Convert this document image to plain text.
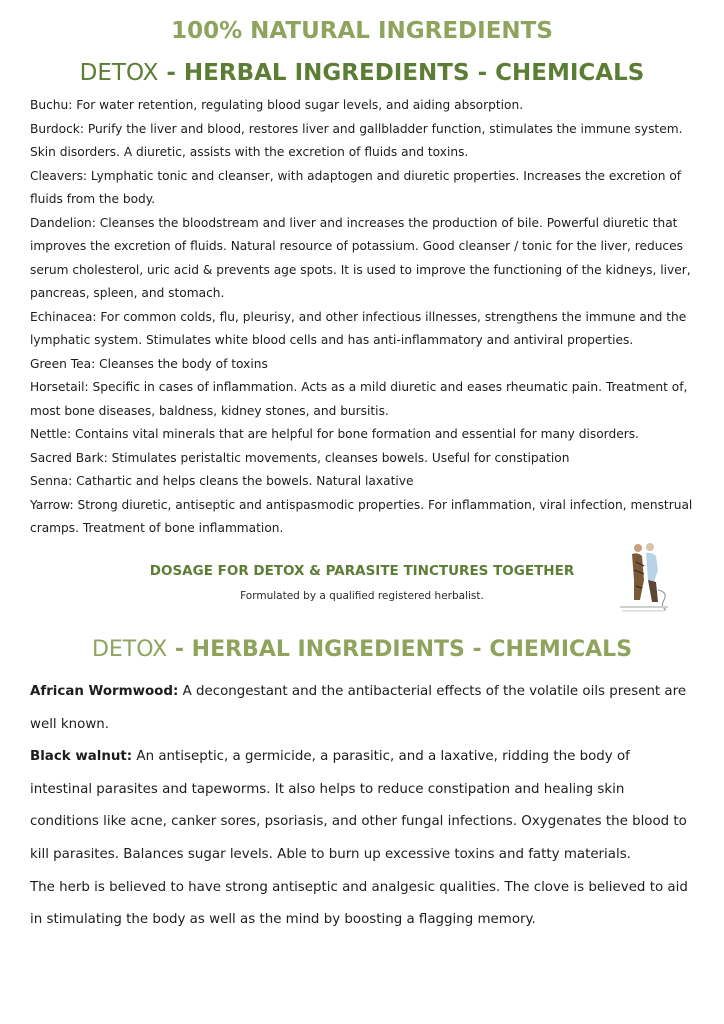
100% NATURAL INGREDIENTS
DETOX - HERBAL INGREDIENTS - CHEMICALS

Buchu: For water retention, regulating blood sugar levels, and aiding absorption.

Burdock: Purify the liver and blood, restores liver and gallbladder function, stimulates the immune system. Skin disorders. A diuretic, assists with the excretion of fluids and toxins.

Cleavers: Lymphatic tonic and cleanser, with adaptogen and diuretic properties. Increases the excretion of fluids from the body.

Dandelion: Cleanses the bloodstream and liver and increases the production of bile. Powerful diuretic that improves the excretion of fluids. Natural resource of potassium. Good cleanser / tonic for the liver, reduces serum cholesterol, uric acid & prevents age spots. It is used to improve the functioning of the kidneys, liver, pancreas, spleen, and stomach.

Echinacea: For common colds, flu, pleurisy, and other infectious illnesses, strengthens the immune and the lymphatic system. Stimulates white blood cells and has anti-inflammatory and antiviral properties.

Green Tea: Cleanses the body of toxins

Horsetail: Specific in cases of inflammation. Acts as a mild diuretic and eases rheumatic pain. Treatment of, most bone diseases, baldness, kidney stones, and bursitis.

Nettle: Contains vital minerals that are helpful for bone formation and essential for many disorders.

Sacred Bark: Stimulates peristaltic movements, cleanses bowels. Useful for constipation

Senna: Cathartic and helps cleans the bowels. Natural laxative

Yarrow: Strong diuretic, antiseptic and antispasmodic properties. For inflammation, viral infection, menstrual cramps. Treatment of bone inflammation.

DOSAGE FOR DETOX & PARASITE TINCTURES TOGETHER
Formulated by a qualified registered herbalist.
DETOX - HERBAL INGREDIENTS - CHEMICALS

African Wormwood: A decongestant and the antibacterial effects of the volatile oils present are well known.

Black walnut: An antiseptic, a germicide, a parasitic, and a laxative, ridding the body of intestinal parasites and tapeworms. It also helps to reduce constipation and healing skin conditions like acne, canker sores, psoriasis, and other fungal infections. Oxygenates the blood to kill parasites. Balances sugar levels. Able to burn up excessive toxins and fatty materials.

The herb is believed to have strong antiseptic and analgesic qualities. The clove is believed to aid in stimulating the body as well as the mind by boosting a flagging memory.
